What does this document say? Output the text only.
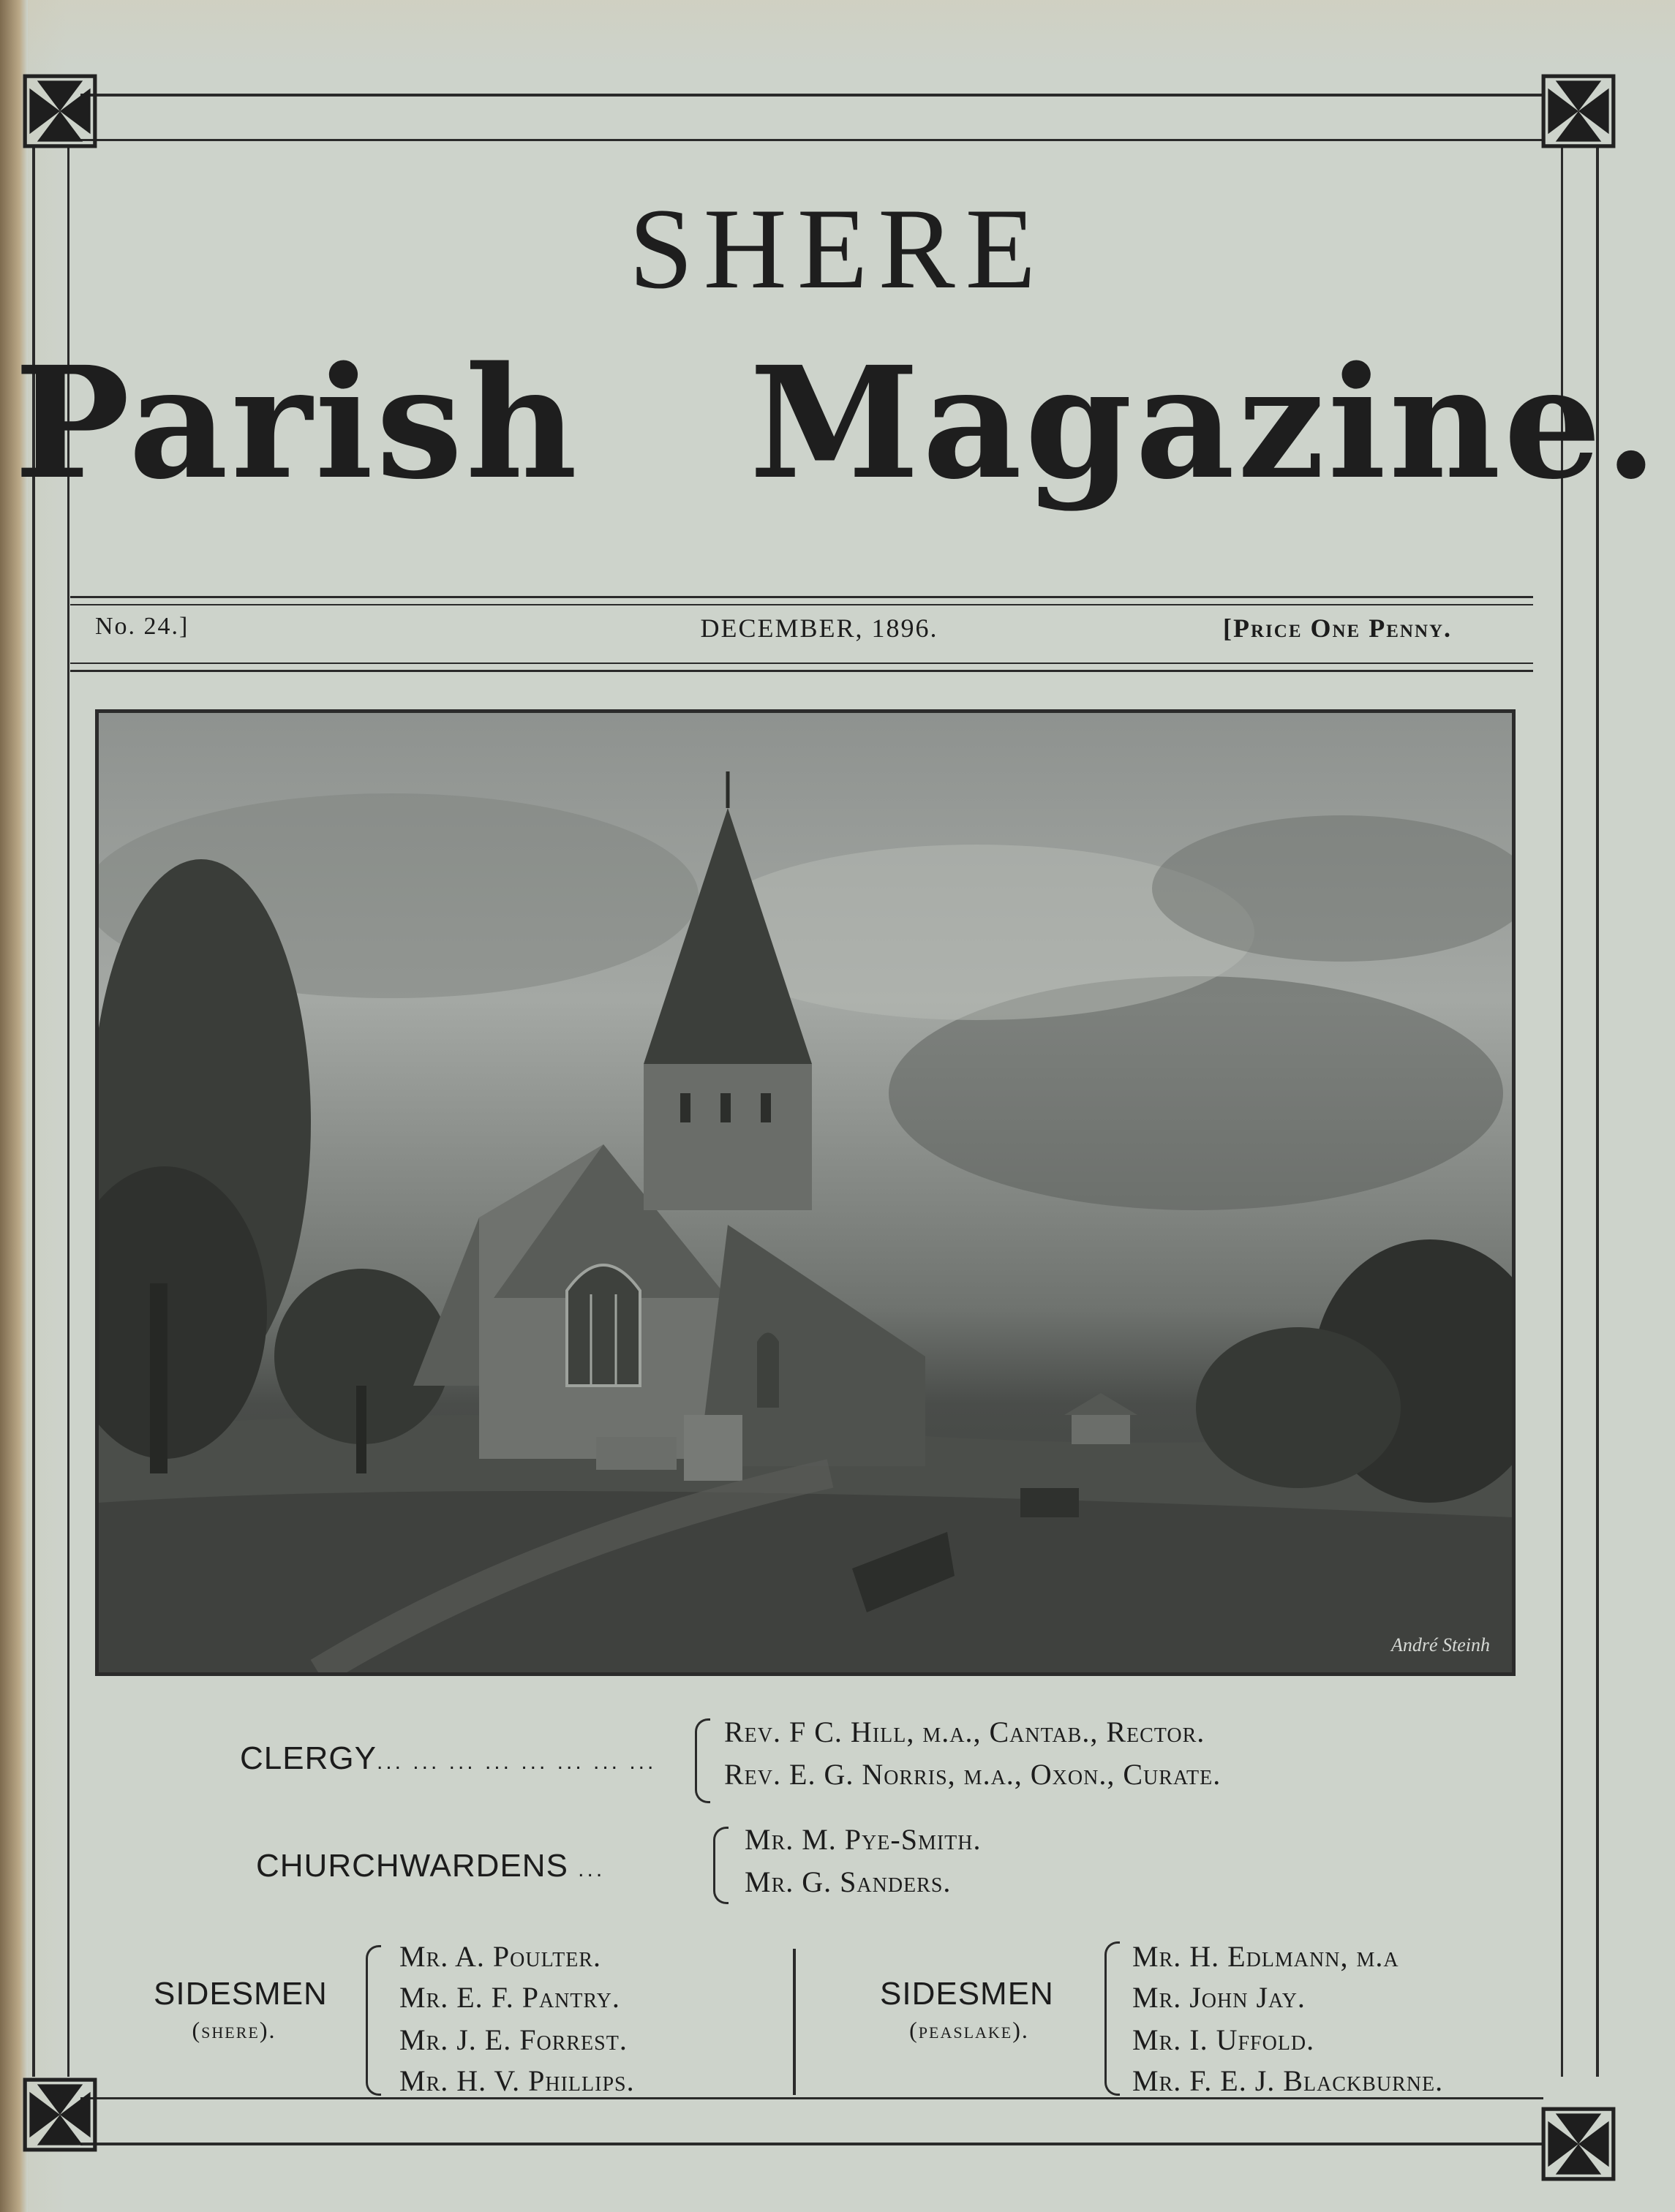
SHERE
Parish Magazine.
No. 24.]	DECEMBER, 1896.	[Price One Penny.
André Steinh
CLERGY... ... ... ... ... ... ... ...
Rev. F C. Hill, m.a., Cantab., Rector.
Rev. E. G. Norris, m.a., Oxon., Curate.
CHURCHWARDENS ...
Mr. M. Pye-Smith.
Mr. G. Sanders.
SIDESMEN
(shere).
Mr. A. Poulter.
Mr. E. F. Pantry.
Mr. J. E. Forrest.
Mr. H. V. Phillips.
SIDESMEN
(peaslake).
Mr. H. Edlmann, m.a
Mr. John Jay.
Mr. I. Uffold.
Mr. F. E. J. Blackburne.
